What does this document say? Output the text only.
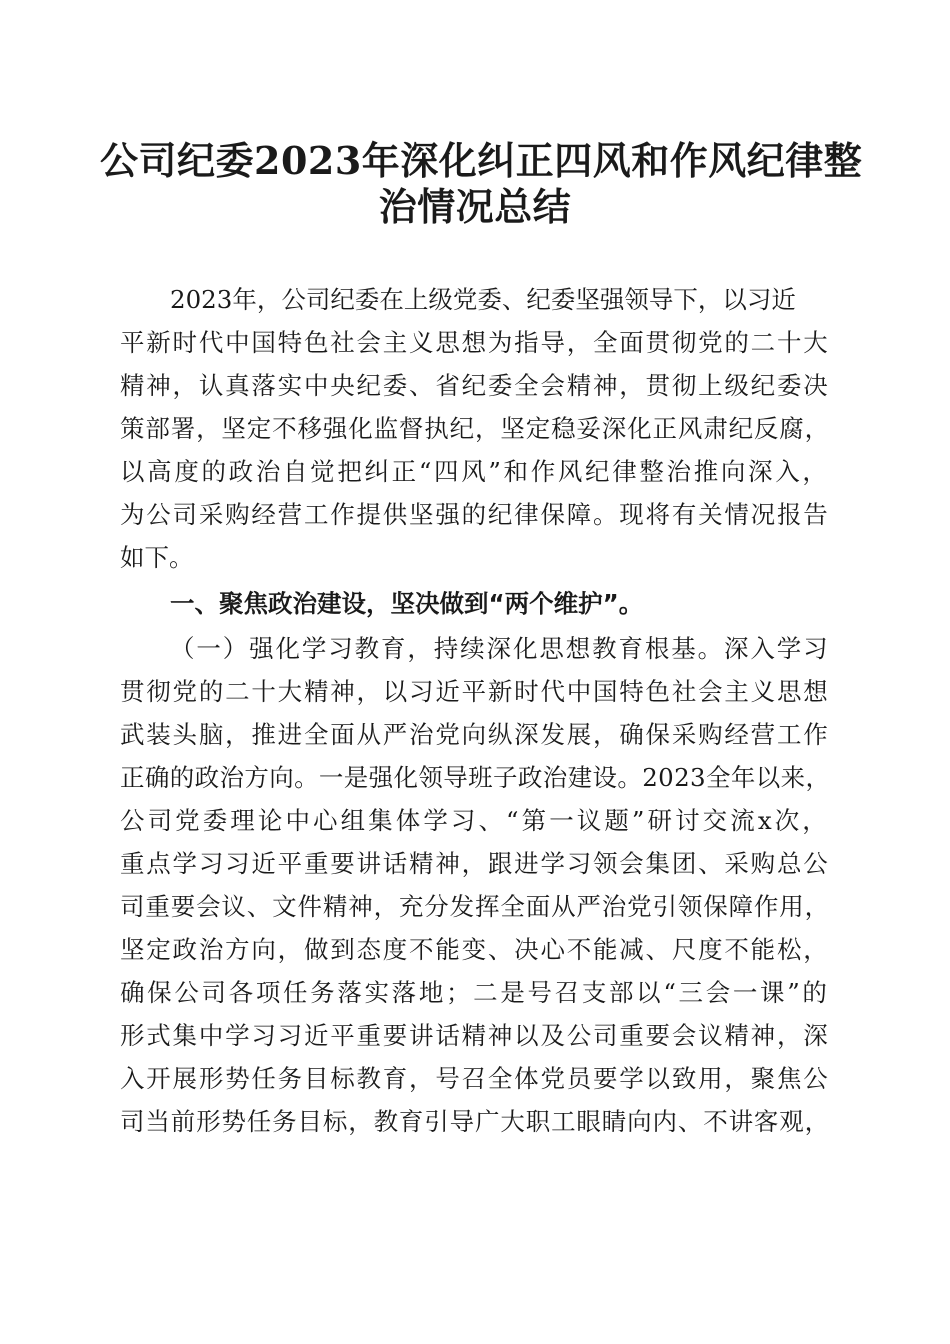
公司纪委2023年深化纠正四风和作风纪律整
治情况总结
2023年，公司纪委在上级党委、纪委坚强领导下，以习近
平新时代中国特色社会主义思想为指导，全面贯彻党的二十大
精神，认真落实中央纪委、省纪委全会精神，贯彻上级纪委决
策部署，坚定不移强化监督执纪，坚定稳妥深化正风肃纪反腐，
以高度的政治自觉把纠正“四风”和作风纪律整治推向深入，
为公司采购经营工作提供坚强的纪律保障。现将有关情况报告
如下。
一、聚焦政治建设，坚决做到“两个维护”。
（一）强化学习教育，持续深化思想教育根基。深入学习
贯彻党的二十大精神，以习近平新时代中国特色社会主义思想
武装头脑，推进全面从严治党向纵深发展，确保采购经营工作
正确的政治方向。一是强化领导班子政治建设。2023全年以来，
公司党委理论中心组集体学习、“第一议题”研讨交流x次，
重点学习习近平重要讲话精神，跟进学习领会集团、采购总公
司重要会议、文件精神，充分发挥全面从严治党引领保障作用，
坚定政治方向，做到态度不能变、决心不能减、尺度不能松，
确保公司各项任务落实落地；二是号召支部以“三会一课”的
形式集中学习习近平重要讲话精神以及公司重要会议精神，深
入开展形势任务目标教育，号召全体党员要学以致用，聚焦公
司当前形势任务目标，教育引导广大职工眼睛向内、不讲客观，
